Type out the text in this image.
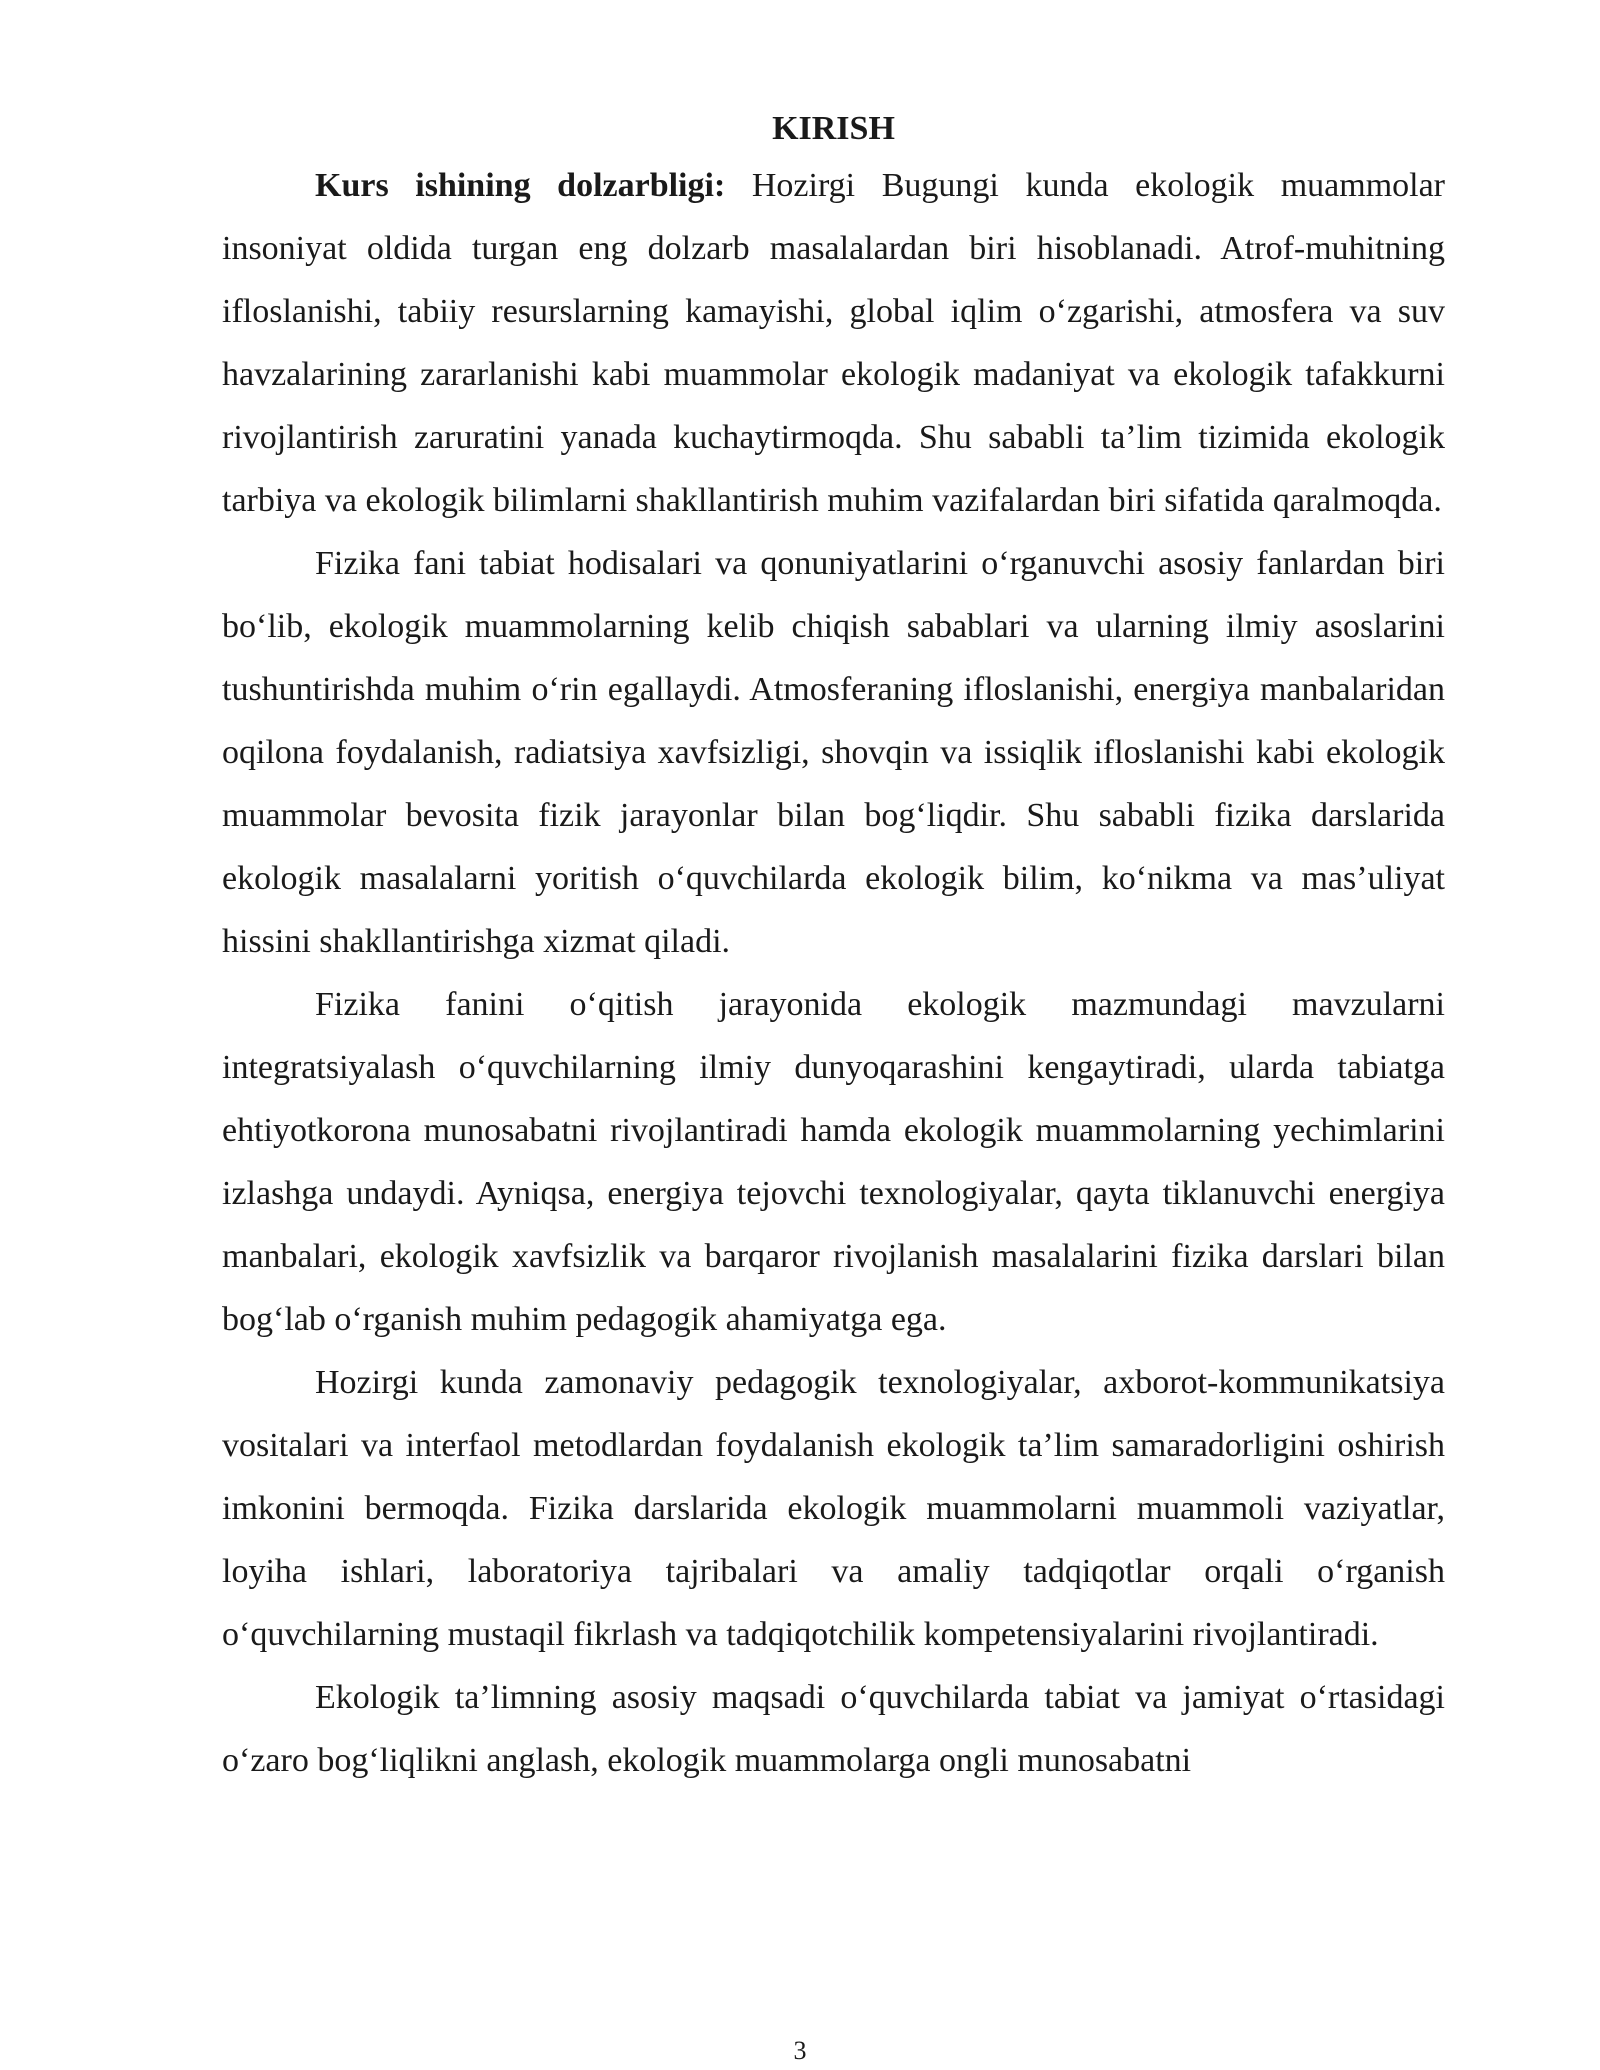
KIRISH

Kurs ishining dolzarbligi: Hozirgi Bugungi kunda ekologik muammolar insoniyat oldida turgan eng dolzarb masalalardan biri hisoblanadi. Atrof-muhitning ifloslanishi, tabiiy resurslarning kamayishi, global iqlim o‘zgarishi, atmosfera va suv havzalarining zararlanishi kabi muammolar ekologik madaniyat va ekologik tafakkurni rivojlantirish zaruratini yanada kuchaytirmoqda. Shu sababli ta’lim tizimida ekologik tarbiya va ekologik bilimlarni shakllantirish muhim vazifalardan biri sifatida qaralmoqda.

Fizika fani tabiat hodisalari va qonuniyatlarini o‘rganuvchi asosiy fanlardan biri bo‘lib, ekologik muammolarning kelib chiqish sabablari va ularning ilmiy asoslarini tushuntirishda muhim o‘rin egallaydi. Atmosferaning ifloslanishi, energiya manbalaridan oqilona foydalanish, radiatsiya xavfsizligi, shovqin va issiqlik ifloslanishi kabi ekologik muammolar bevosita fizik jarayonlar bilan bog‘liqdir. Shu sababli fizika darslarida ekologik masalalarni yoritish o‘quvchilarda ekologik bilim, ko‘nikma va mas’uliyat hissini shakllantirishga xizmat qiladi.

Fizika fanini o‘qitish jarayonida ekologik mazmundagi mavzularni integratsiyalash o‘quvchilarning ilmiy dunyoqarashini kengaytiradi, ularda tabiatga ehtiyotkorona munosabatni rivojlantiradi hamda ekologik muammolarning yechimlarini izlashga undaydi. Ayniqsa, energiya tejovchi texnologiyalar, qayta tiklanuvchi energiya manbalari, ekologik xavfsizlik va barqaror rivojlanish masalalarini fizika darslari bilan bog‘lab o‘rganish muhim pedagogik ahamiyatga ega.

Hozirgi kunda zamonaviy pedagogik texnologiyalar, axborot-kommunikatsiya vositalari va interfaol metodlardan foydalanish ekologik ta’lim samaradorligini oshirish imkonini bermoqda. Fizika darslarida ekologik muammolarni muammoli vaziyatlar, loyiha ishlari, laboratoriya tajribalari va amaliy tadqiqotlar orqali o‘rganish o‘quvchilarning mustaqil fikrlash va tadqiqotchilik kompetensiyalarini rivojlantiradi.

Ekologik ta’limning asosiy maqsadi o‘quvchilarda tabiat va jamiyat o‘rtasidagi o‘zaro bog‘liqlikni anglash, ekologik muammolarga ongli munosabatni

3
